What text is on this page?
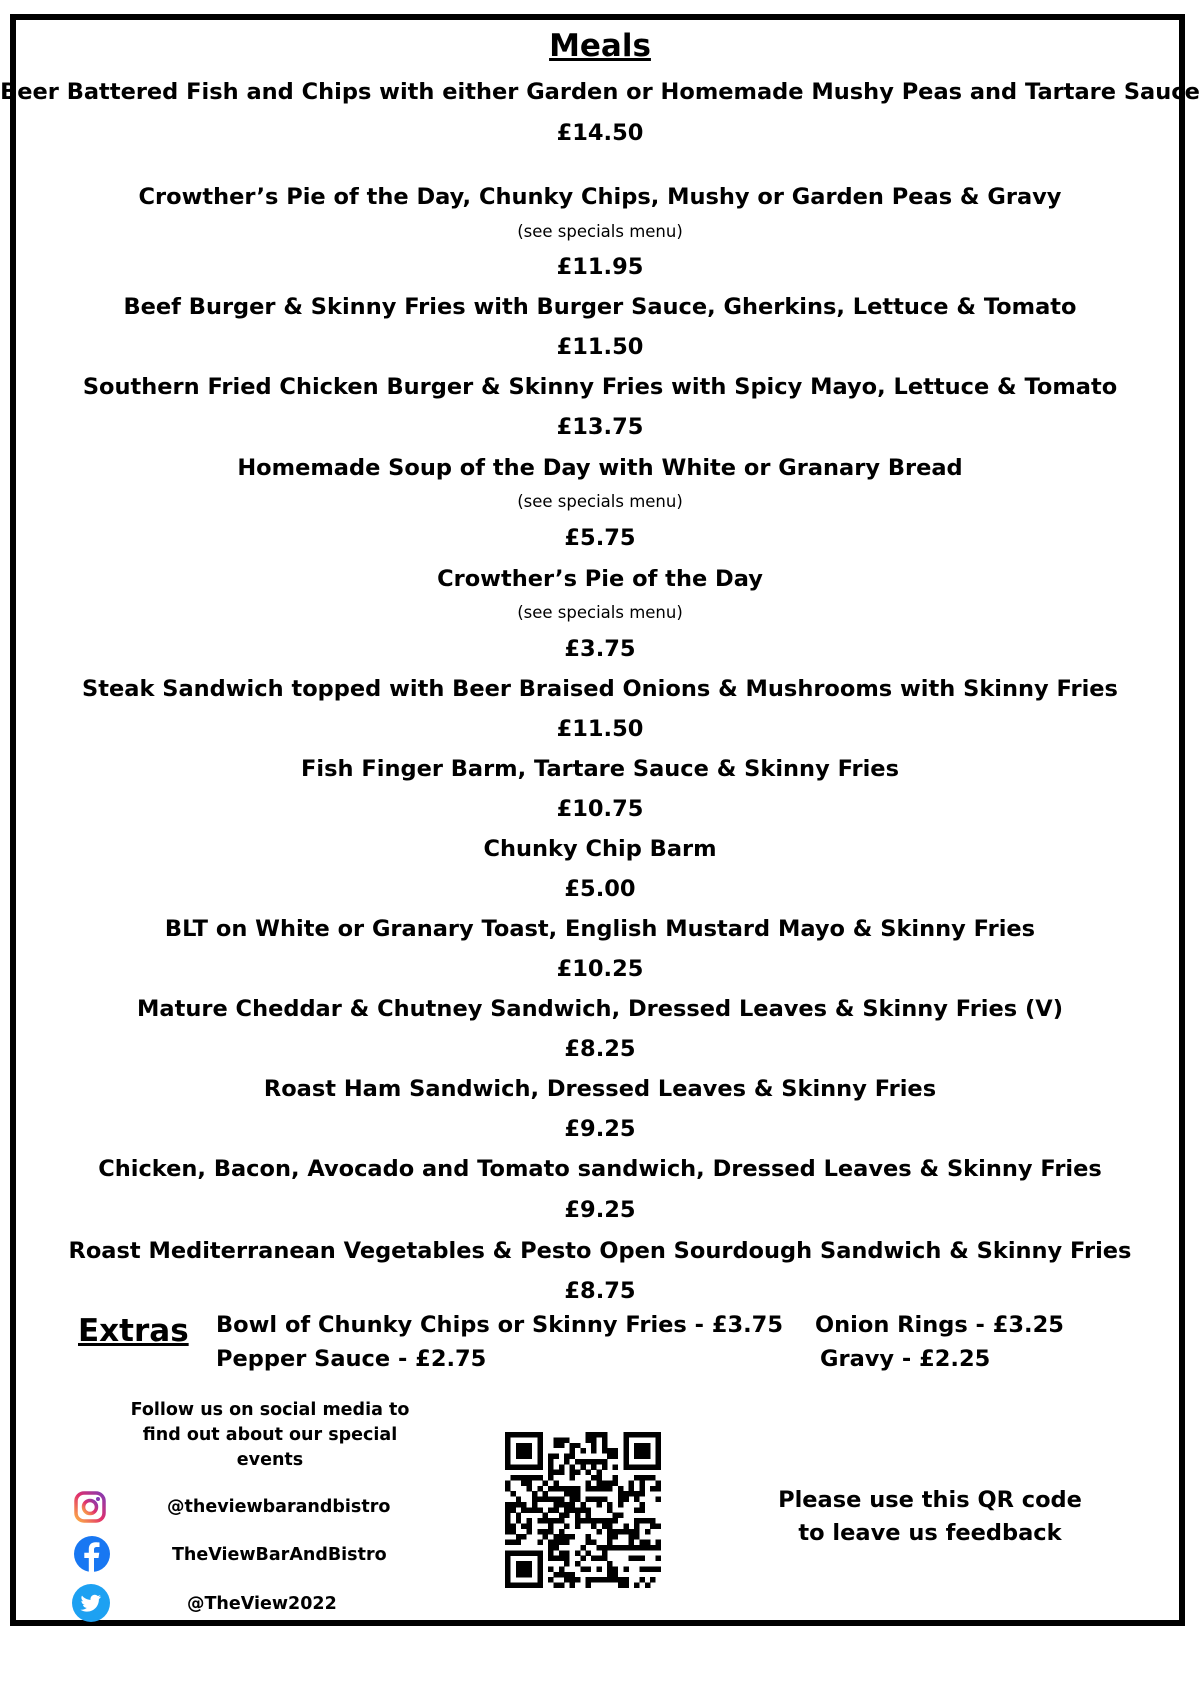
Meals
Beer Battered Fish and Chips with either Garden or Homemade Mushy Peas and Tartare Sauce
£14.50
Crowther’s Pie of the Day, Chunky Chips, Mushy or Garden Peas & Gravy
(see specials menu)
£11.95
Beef Burger & Skinny Fries with Burger Sauce, Gherkins, Lettuce & Tomato
£11.50
Southern Fried Chicken Burger & Skinny Fries with Spicy Mayo, Lettuce & Tomato
£13.75
Homemade Soup of the Day with White or Granary Bread
(see specials menu)
£5.75
Crowther’s Pie of the Day
(see specials menu)
£3.75
Steak Sandwich topped with Beer Braised Onions & Mushrooms with Skinny Fries
£11.50
Fish Finger Barm, Tartare Sauce & Skinny Fries
£10.75
Chunky Chip Barm
£5.00
BLT on White or Granary Toast, English Mustard Mayo & Skinny Fries
£10.25
Mature Cheddar & Chutney Sandwich, Dressed Leaves & Skinny Fries (V)
£8.25
Roast Ham Sandwich, Dressed Leaves & Skinny Fries
£9.25
Chicken, Bacon, Avocado and Tomato sandwich, Dressed Leaves & Skinny Fries
£9.25
Roast Mediterranean Vegetables & Pesto Open Sourdough Sandwich & Skinny Fries
£8.75
Extras Bowl of Chunky Chips or Skinny Fries - £3.75 Onion Rings - £3.25
Pepper Sauce - £2.75	Gravy - £2.25
Follow us on social media to find out about our special events
@theviewbarandbistro
TheViewBarAndBistro
@TheView2022
Please use this QR code to leave us feedback
